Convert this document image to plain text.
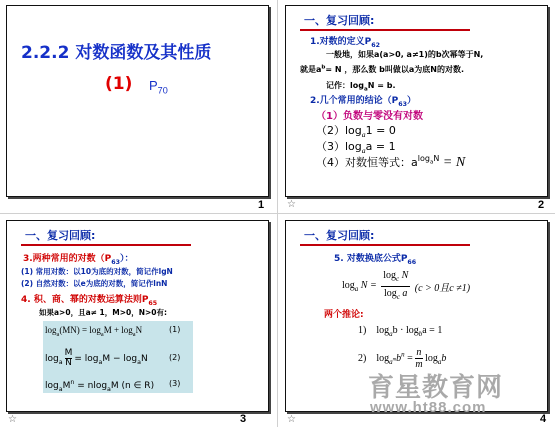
2.2.2 对数函数及其性质
(1) $P_{70}$
1
一、复习回顾:
1.对数的定义$P_{62}$
一般地，如果a(a>0, a≠1)的b次幂等于N,
就是$a^b= N$ ，那么数 b叫做以a为底N的对数.
记作：$\log_aN = b$.
2.几个常用的结论$(P_{63})$
（1）负数与零没有对数
$(2)\log_a1 = 0$
$(3)\log_aa = 1$
（4）对数恒等式：$a^{log_aN} = N$
☆	2
一、复习回顾:
3.两种常用的对数$(P_{63})$：
(1) 常用对数：以10为底的对数，简记作lgN
(2) 自然对数：以e为底的对数，简记作lnN
4. 积、商、幂的对数运算法则$P_{65}$
如果a>0，且a≠ 1，M>0，N>0有:
$\log_a(MN) = \log_aM + \log_aN$	(1)
$\log_a \frac{M}{N} = \log_aM - \log_aN$	(2)
$\log_aM^n = nlog_aM$ (n ∈ R) (3)
☆	3
一、复习回顾:
5. 对数换底公式$P_{66}$
$\log_a N = \frac{\log_c N}{\log_c a} (c > 0$且c ≠1)
两个推论:
1) $\log_ab \cdot \log_ba = 1$
2) $\log_{a^m}b^n = \frac{n}{m} \log_ab$
☆	4
育星教育网
www.ht88.com
